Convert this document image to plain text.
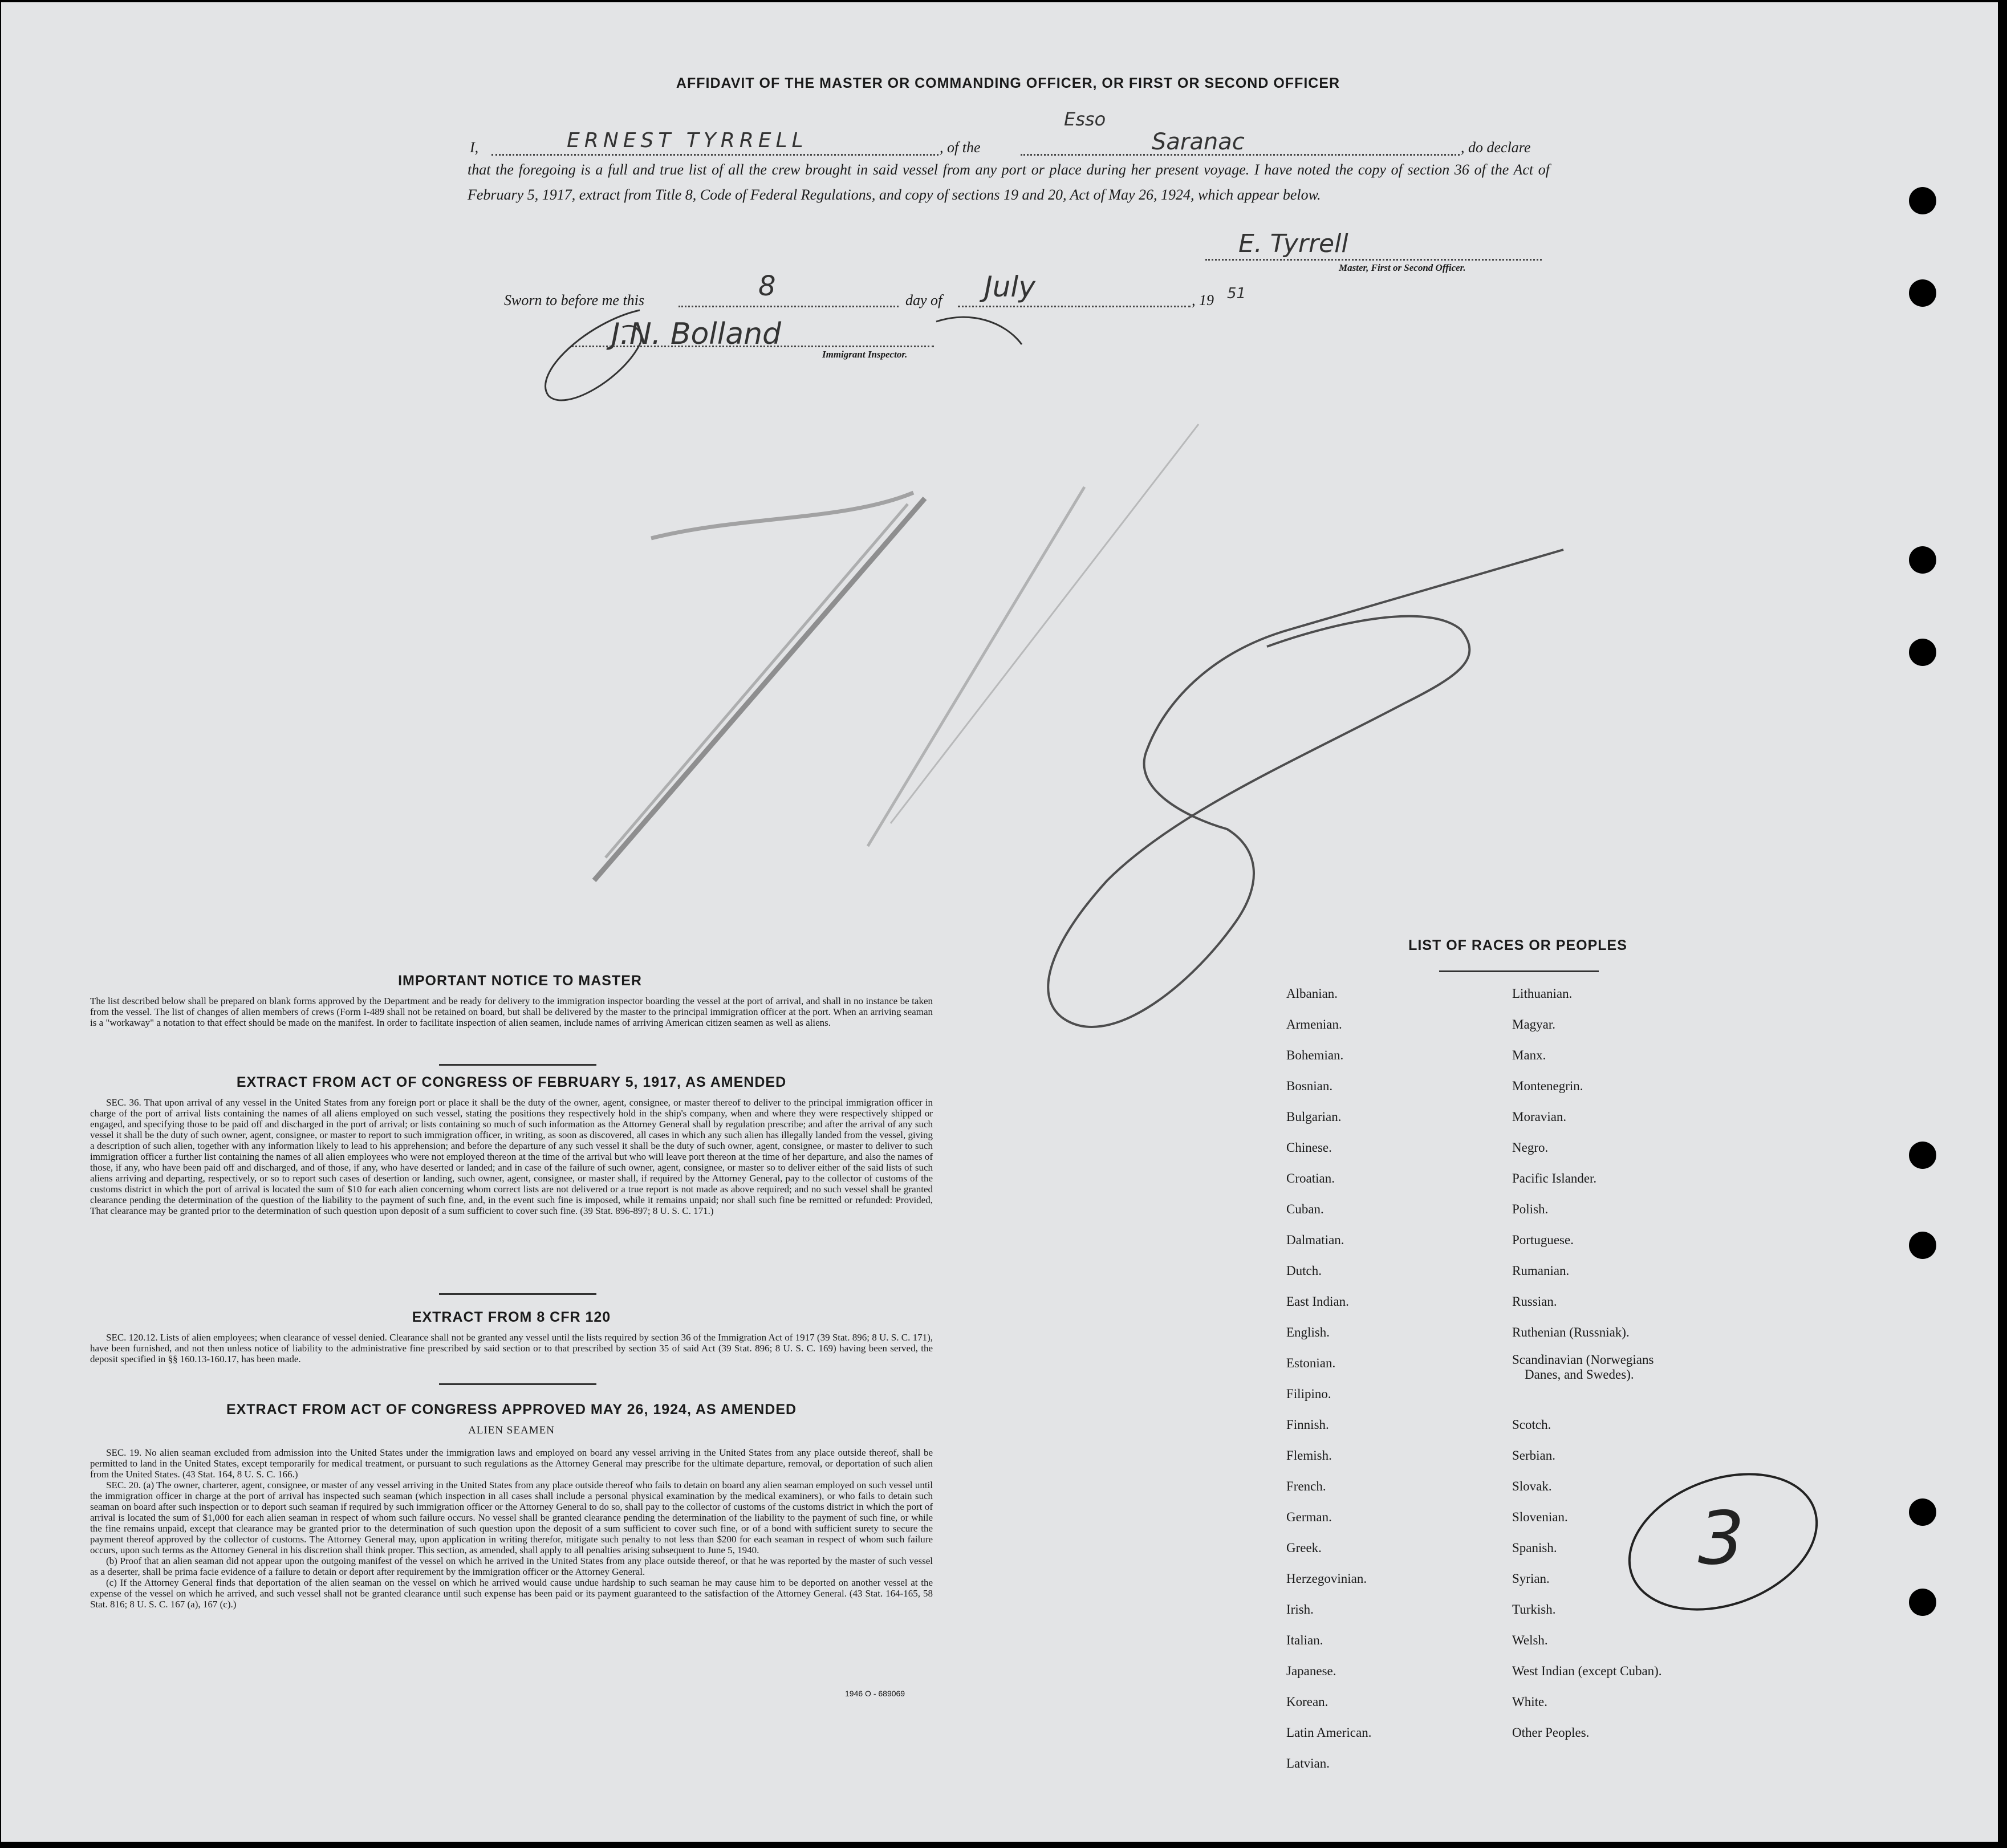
AFFIDAVIT OF THE MASTER OR COMMANDING OFFICER, OR FIRST OR SECOND OFFICER
I,	ERNEST TYRRELL	, of the
Esso
Saranac	, do declare
that the foregoing is a full and true list of all the crew brought in said vessel from any port or place during her present voyage. I have noted the copy of section 36 of the Act of February 5, 1917, extract from Title 8, Code of Federal Regulations, and copy of sections 19 and 20, Act of May 26, 1924, which appear below.
E. Tyrrell
Master, First or Second Officer.
Sworn to before me this	8	day of July	, 19 51
J.N. Bolland
Immigrant Inspector.
3
IMPORTANT NOTICE TO MASTER
The list described below shall be prepared on blank forms approved by the Department and be ready for delivery to the immigration inspector boarding the vessel at the port of arrival, and shall in no instance be taken from the vessel. The list of changes of alien members of crews (Form I-489 shall not be retained on board, but shall be delivered by the master to the principal immigration officer at the port. When an arriving seaman is a "workaway" a notation to that effect should be made on the manifest. In order to facilitate inspection of alien seamen, include names of arriving American citizen seamen as well as aliens.
EXTRACT FROM ACT OF CONGRESS OF FEBRUARY 5, 1917, AS AMENDED
SEC. 36. That upon arrival of any vessel in the United States from any foreign port or place it shall be the duty of the owner, agent, consignee, or master thereof to deliver to the principal immigration officer in charge of the port of arrival lists containing the names of all aliens employed on such vessel, stating the positions they respectively hold in the ship's company, when and where they were respectively shipped or engaged, and specifying those to be paid off and discharged in the port of arrival; or lists containing so much of such information as the Attorney General shall by regulation prescribe; and after the arrival of any such vessel it shall be the duty of such owner, agent, consignee, or master to report to such immigration officer, in writing, as soon as discovered, all cases in which any such alien has illegally landed from the vessel, giving a description of such alien, together with any information likely to lead to his apprehension; and before the departure of any such vessel it shall be the duty of such owner, agent, consignee, or master to deliver to such immigration officer a further list containing the names of all alien employees who were not employed thereon at the time of the arrival but who will leave port thereon at the time of her departure, and also the names of those, if any, who have been paid off and discharged, and of those, if any, who have deserted or landed; and in case of the failure of such owner, agent, consignee, or master so to deliver either of the said lists of such aliens arriving and departing, respectively, or so to report such cases of desertion or landing, such owner, agent, consignee, or master shall, if required by the Attorney General, pay to the collector of customs of the customs district in which the port of arrival is located the sum of $10 for each alien concerning whom correct lists are not delivered or a true report is not made as above required; and no such vessel shall be granted clearance pending the determination of the question of the liability to the payment of such fine, and, in the event such fine is imposed, while it remains unpaid; nor shall such fine be remitted or refunded: Provided, That clearance may be granted prior to the determination of such question upon deposit of a sum sufficient to cover such fine. (39 Stat. 896-897; 8 U. S. C. 171.)
EXTRACT FROM 8 CFR 120
SEC. 120.12. Lists of alien employees; when clearance of vessel denied. Clearance shall not be granted any vessel until the lists required by section 36 of the Immigration Act of 1917 (39 Stat. 896; 8 U. S. C. 171), have been furnished, and not then unless notice of liability to the administrative fine prescribed by said section or to that prescribed by section 35 of said Act (39 Stat. 896; 8 U. S. C. 169) having been served, the deposit specified in §§ 160.13-160.17, has been made.
EXTRACT FROM ACT OF CONGRESS APPROVED MAY 26, 1924, AS AMENDED
ALIEN SEAMEN

SEC. 19. No alien seaman excluded from admission into the United States under the immigration laws and employed on board any vessel arriving in the United States from any place outside thereof, shall be permitted to land in the United States, except temporarily for medical treatment, or pursuant to such regulations as the Attorney General may prescribe for the ultimate departure, removal, or deportation of such alien from the United States. (43 Stat. 164, 8 U. S. C. 166.)

SEC. 20. (a) The owner, charterer, agent, consignee, or master of any vessel arriving in the United States from any place outside thereof who fails to detain on board any alien seaman employed on such vessel until the immigration officer in charge at the port of arrival has inspected such seaman (which inspection in all cases shall include a personal physical examination by the medical examiners), or who fails to detain such seaman on board after such inspection or to deport such seaman if required by such immigration officer or the Attorney General to do so, shall pay to the collector of customs of the customs district in which the port of arrival is located the sum of $1,000 for each alien seaman in respect of whom such failure occurs. No vessel shall be granted clearance pending the determination of the liability to the payment of such fine, or while the fine remains unpaid, except that clearance may be granted prior to the determination of such question upon the deposit of a sum sufficient to cover such fine, or of a bond with sufficient surety to secure the payment thereof approved by the collector of customs. The Attorney General may, upon application in writing therefor, mitigate such penalty to not less than $200 for each seaman in respect of whom such failure occurs, upon such terms as the Attorney General in his discretion shall think proper. This section, as amended, shall apply to all penalties arising subsequent to June 5, 1940.

(b) Proof that an alien seaman did not appear upon the outgoing manifest of the vessel on which he arrived in the United States from any place outside thereof, or that he was reported by the master of such vessel as a deserter, shall be prima facie evidence of a failure to detain or deport after requirement by the immigration officer or the Attorney General.

(c) If the Attorney General finds that deportation of the alien seaman on the vessel on which he arrived would cause undue hardship to such seaman he may cause him to be deported on another vessel at the expense of the vessel on which he arrived, and such vessel shall not be granted clearance until such expense has been paid or its payment guaranteed to the satisfaction of the Attorney General. (43 Stat. 164-165, 58 Stat. 816; 8 U. S. C. 167 (a), 167 (c).)

1946 O - 689069
LIST OF RACES OR PEOPLES
Albanian.
Armenian.
Bohemian.
Bosnian.
Bulgarian.
Chinese.
Croatian.
Cuban.
Dalmatian.
Dutch.
East Indian.
English.
Estonian.
Filipino.
Finnish.
Flemish.
French.
German.
Greek.
Herzegovinian.
Irish.
Italian.
Japanese.
Korean.
Latin American.
Latvian.
Lithuanian.
Magyar.
Manx.
Montenegrin.
Moravian.
Negro.
Pacific Islander.
Polish.
Portuguese.
Rumanian.
Russian.
Ruthenian (Russniak).
Scandinavian (Norwegians
Danes, and Swedes).
Scotch.
Serbian.
Slovak.
Slovenian.
Spanish.
Syrian.
Turkish.
Welsh.
West Indian (except Cuban).
White.
Other Peoples.
